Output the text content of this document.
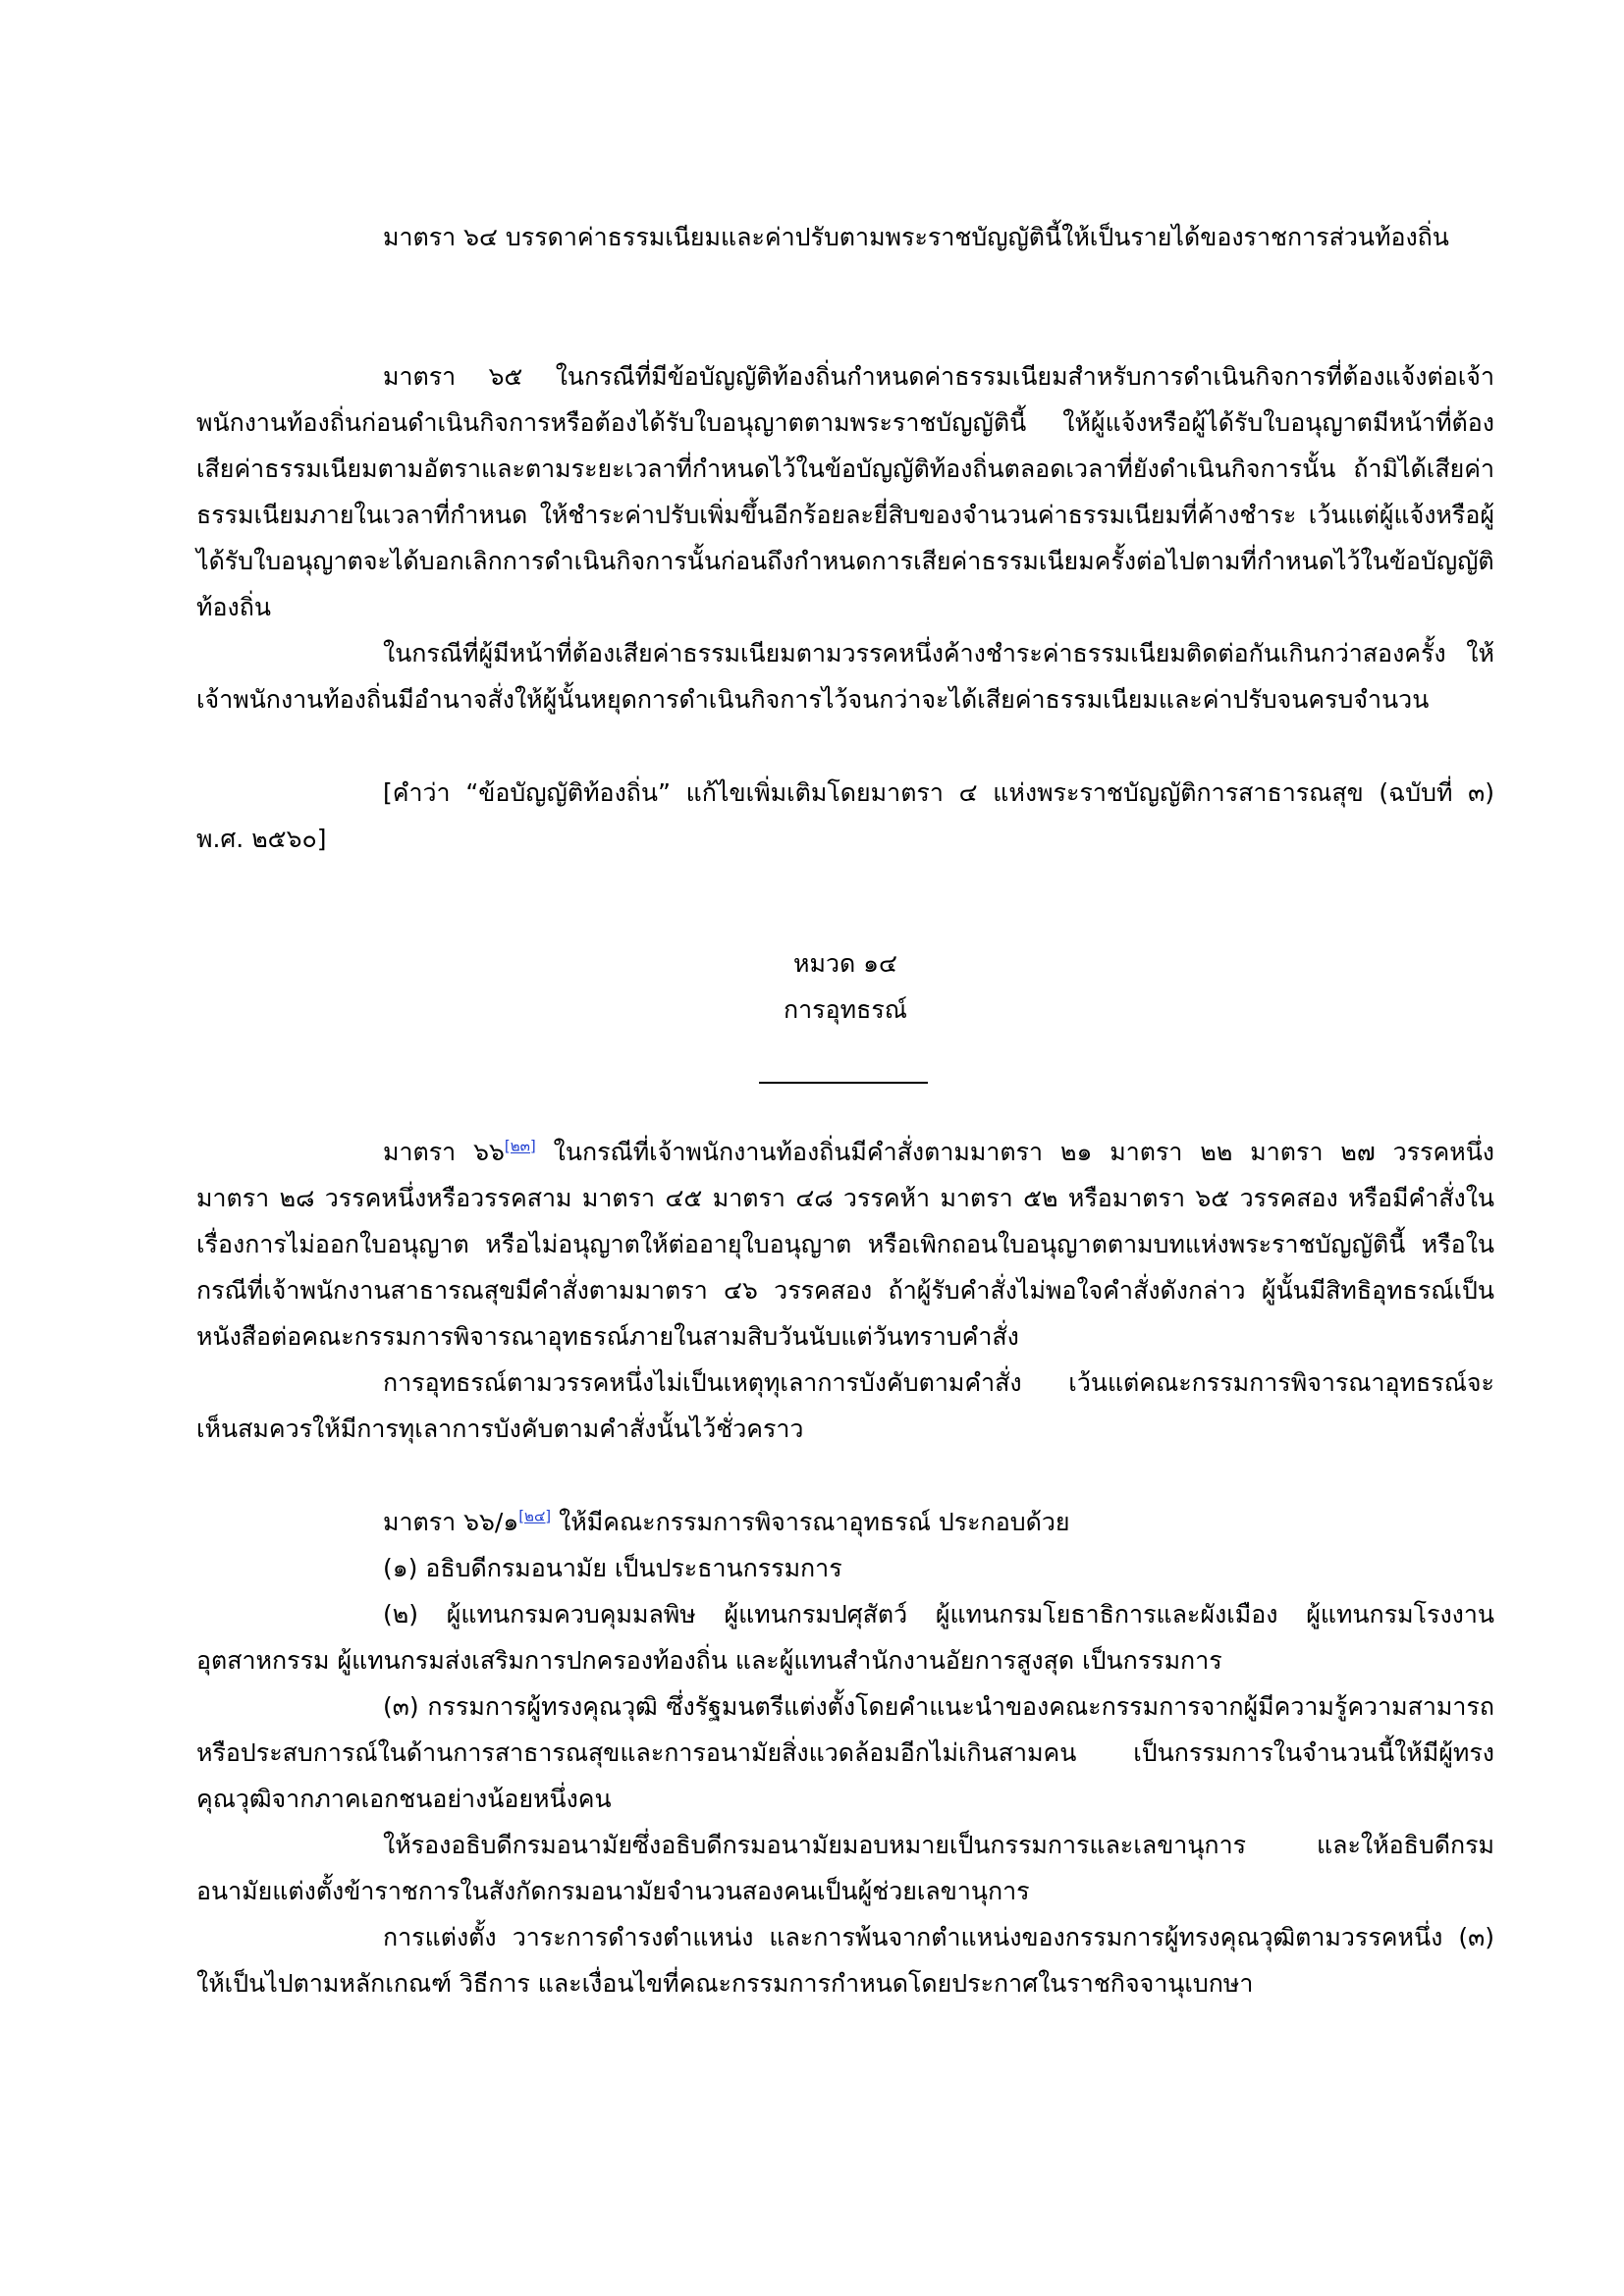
มาตรา ๖๔ บรรดาค่าธรรมเนียมและค่าปรับตามพระราชบัญญัตินี้ให้เป็นรายได้ของราชการส่วนท้องถิ่น

มาตรา ๖๕ ในกรณีที่มีข้อบัญญัติท้องถิ่นกำหนดค่าธรรมเนียมสำหรับการดำเนินกิจการที่ต้องแจ้งต่อเจ้าพนักงานท้องถิ่นก่อนดำเนินกิจการหรือต้องได้รับใบอนุญาตตามพระราชบัญญัตินี้ ให้ผู้แจ้งหรือผู้ได้รับใบอนุญาตมีหน้าที่ต้องเสียค่าธรรมเนียมตามอัตราและตามระยะเวลาที่กำหนดไว้ในข้อบัญญัติท้องถิ่นตลอดเวลาที่ยังดำเนินกิจการนั้น ถ้ามิได้เสียค่าธรรมเนียมภายในเวลาที่กำหนด ให้ชำระค่าปรับเพิ่มขึ้นอีกร้อยละยี่สิบของจำนวนค่าธรรมเนียมที่ค้างชำระ เว้นแต่ผู้แจ้งหรือผู้ได้รับใบอนุญาตจะได้บอกเลิกการดำเนินกิจการนั้นก่อนถึงกำหนดการเสียค่าธรรมเนียมครั้งต่อไปตามที่กำหนดไว้ในข้อบัญญัติท้องถิ่น

ในกรณีที่ผู้มีหน้าที่ต้องเสียค่าธรรมเนียมตามวรรคหนึ่งค้างชำระค่าธรรมเนียมติดต่อกันเกินกว่าสองครั้ง ให้เจ้าพนักงานท้องถิ่นมีอำนาจสั่งให้ผู้นั้นหยุดการดำเนินกิจการไว้จนกว่าจะได้เสียค่าธรรมเนียมและค่าปรับจนครบจำนวน

[คำว่า “ข้อบัญญัติท้องถิ่น” แก้ไขเพิ่มเติมโดยมาตรา ๔ แห่งพระราชบัญญัติการสาธารณสุข (ฉบับที่ ๓) พ.ศ. ๒๕๖๐]

หมวด ๑๔

การอุทธรณ์

มาตรา ๖๖[๒๓] ในกรณีที่เจ้าพนักงานท้องถิ่นมีคำสั่งตามมาตรา ๒๑ มาตรา ๒๒ มาตรา ๒๗ วรรคหนึ่ง มาตรา ๒๘ วรรคหนึ่งหรือวรรคสาม มาตรา ๔๕ มาตรา ๔๘ วรรคห้า มาตรา ๕๒ หรือมาตรา ๖๕ วรรคสอง หรือมีคำสั่งในเรื่องการไม่ออกใบอนุญาต หรือไม่อนุญาตให้ต่ออายุใบอนุญาต หรือเพิกถอนใบอนุญาตตามบทแห่งพระราชบัญญัตินี้ หรือในกรณีที่เจ้าพนักงานสาธารณสุขมีคำสั่งตามมาตรา ๔๖ วรรคสอง ถ้าผู้รับคำสั่งไม่พอใจคำสั่งดังกล่าว ผู้นั้นมีสิทธิอุทธรณ์เป็นหนังสือต่อคณะกรรมการพิจารณาอุทธรณ์ภายในสามสิบวันนับแต่วันทราบคำสั่ง

การอุทธรณ์ตามวรรคหนึ่งไม่เป็นเหตุทุเลาการบังคับตามคำสั่ง เว้นแต่คณะกรรมการพิจารณาอุทธรณ์จะเห็นสมควรให้มีการทุเลาการบังคับตามคำสั่งนั้นไว้ชั่วคราว

มาตรา ๖๖/๑[๒๔] ให้มีคณะกรรมการพิจารณาอุทธรณ์ ประกอบด้วย

(๑) อธิบดีกรมอนามัย เป็นประธานกรรมการ

(๒) ผู้แทนกรมควบคุมมลพิษ ผู้แทนกรมปศุสัตว์ ผู้แทนกรมโยธาธิการและผังเมือง ผู้แทนกรมโรงงานอุตสาหกรรม ผู้แทนกรมส่งเสริมการปกครองท้องถิ่น และผู้แทนสำนักงานอัยการสูงสุด เป็นกรรมการ

(๓) กรรมการผู้ทรงคุณวุฒิ ซึ่งรัฐมนตรีแต่งตั้งโดยคำแนะนำของคณะกรรมการจากผู้มีความรู้ความสามารถ หรือประสบการณ์ในด้านการสาธารณสุขและการอนามัยสิ่งแวดล้อมอีกไม่เกินสามคน เป็นกรรมการในจำนวนนี้ให้มีผู้ทรงคุณวุฒิจากภาคเอกชนอย่างน้อยหนึ่งคน

ให้รองอธิบดีกรมอนามัยซึ่งอธิบดีกรมอนามัยมอบหมายเป็นกรรมการและเลขานุการ และให้อธิบดีกรมอนามัยแต่งตั้งข้าราชการในสังกัดกรมอนามัยจำนวนสองคนเป็นผู้ช่วยเลขานุการ

การแต่งตั้ง วาระการดำรงตำแหน่ง และการพ้นจากตำแหน่งของกรรมการผู้ทรงคุณวุฒิตามวรรคหนึ่ง (๓) ให้เป็นไปตามหลักเกณฑ์ วิธีการ และเงื่อนไขที่คณะกรรมการกำหนดโดยประกาศในราชกิจจานุเบกษา
